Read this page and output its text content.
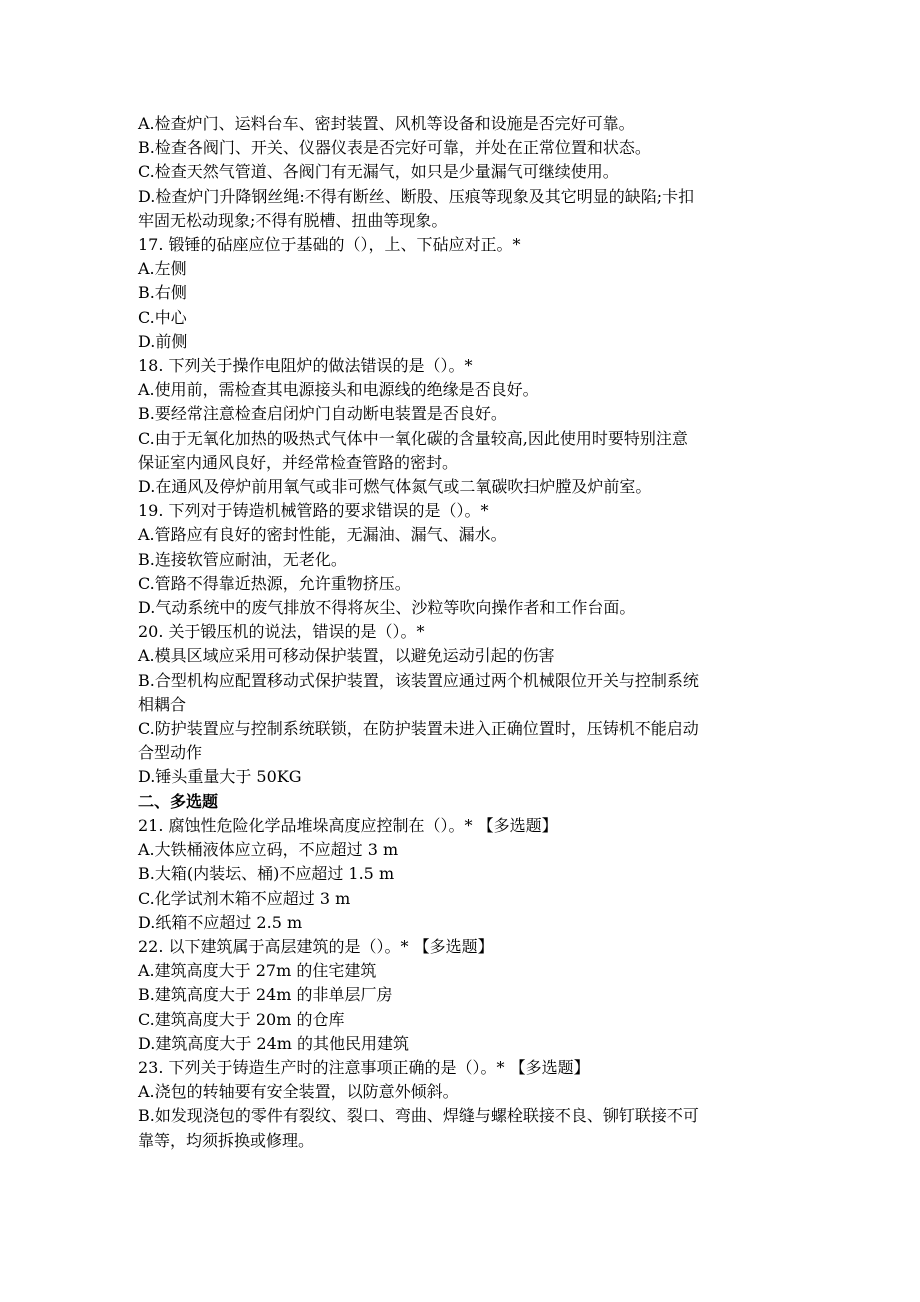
A.检查炉门、运料台车、密封装置、风机等设备和设施是否完好可靠。
B.检查各阀门、开关、仪器仪表是否完好可靠，并处在正常位置和状态。
C.检查天然气管道、各阀门有无漏气，如只是少量漏气可继续使用。
D.检查炉门升降钢丝绳:不得有断丝、断股、压痕等现象及其它明显的缺陷;卡扣
牢固无松动现象;不得有脱槽、扭曲等现象。
17. 锻锤的砧座应位于基础的（），上、下砧应对正。*
A.左侧
B.右侧
C.中心
D.前侧
18. 下列关于操作电阻炉的做法错误的是（）。*
A.使用前，需检查其电源接头和电源线的绝缘是否良好。
B.要经常注意检查启闭炉门自动断电装置是否良好。
C.由于无氧化加热的吸热式气体中一氧化碳的含量较高,因此使用时要特别注意
保证室内通风良好，并经常检查管路的密封。
D.在通风及停炉前用氧气或非可燃气体氮气或二氧碳吹扫炉膛及炉前室。
19. 下列对于铸造机械管路的要求错误的是（）。*
A.管路应有良好的密封性能，无漏油、漏气、漏水。
B.连接软管应耐油，无老化。
C.管路不得靠近热源，允许重物挤压。
D.气动系统中的废气排放不得将灰尘、沙粒等吹向操作者和工作台面。
20. 关于锻压机的说法，错误的是（）。*
A.模具区域应采用可移动保护装置，以避免运动引起的伤害
B.合型机构应配置移动式保护装置，该装置应通过两个机械限位开关与控制系统
相耦合
C.防护装置应与控制系统联锁，在防护装置未进入正确位置时，压铸机不能启动
合型动作
D.锤头重量大于 50KG
二、多选题
21. 腐蚀性危险化学品堆垛高度应控制在（）。* 【多选题】
A.大铁桶液体应立码，不应超过 3 m
B.大箱(内装坛、桶)不应超过 1.5 m
C.化学试剂木箱不应超过 3 m
D.纸箱不应超过 2.5 m
22. 以下建筑属于高层建筑的是（）。* 【多选题】
A.建筑高度大于 27m 的住宅建筑
B.建筑高度大于 24m 的非单层厂房
C.建筑高度大于 20m 的仓库
D.建筑高度大于 24m 的其他民用建筑
23. 下列关于铸造生产时的注意事项正确的是（）。* 【多选题】
A.浇包的转轴要有安全装置，以防意外倾斜。
B.如发现浇包的零件有裂纹、裂口、弯曲、焊缝与螺栓联接不良、铆钉联接不可
靠等，均须拆换或修理。
